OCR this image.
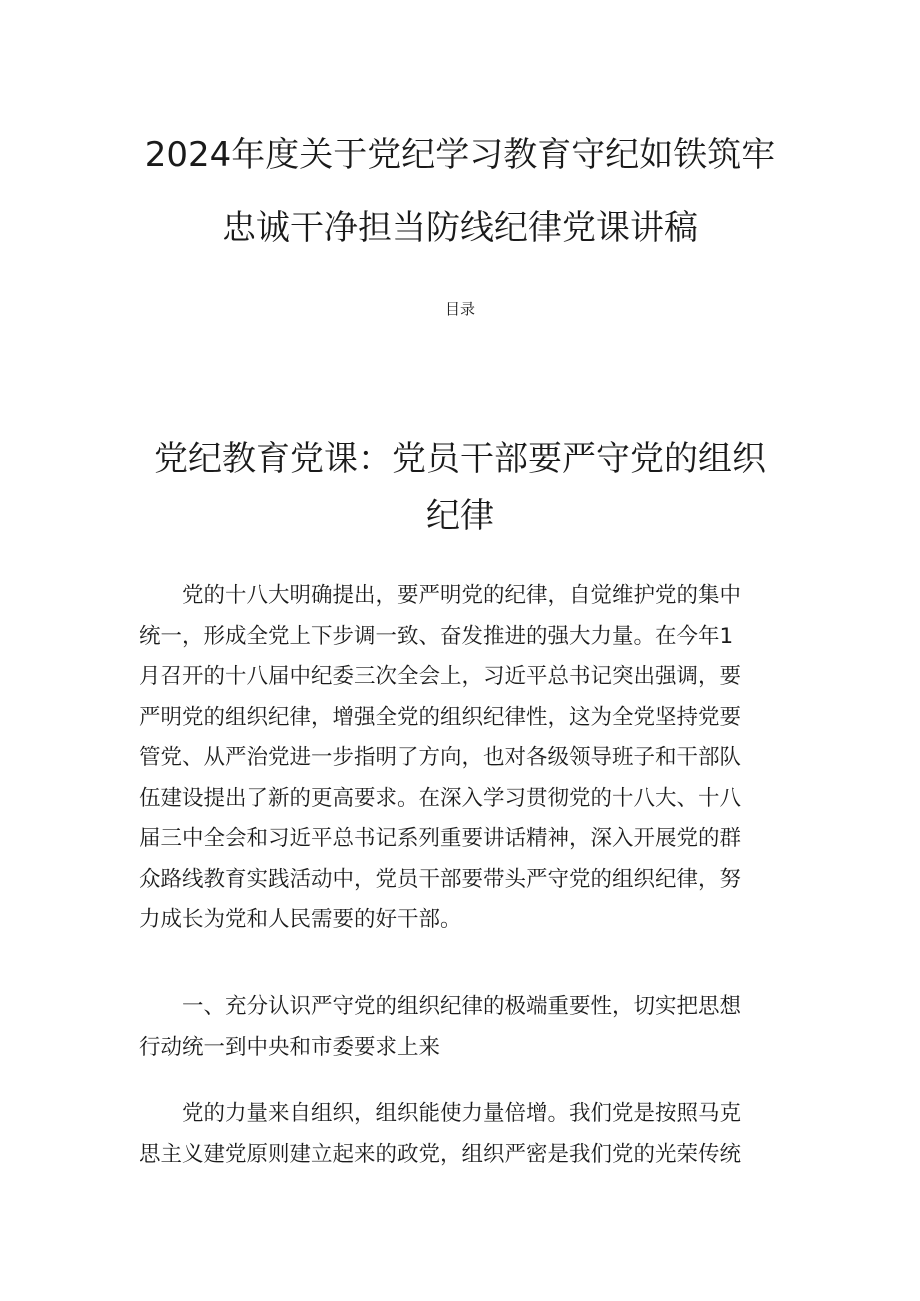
2024年度关于党纪学习教育守纪如铁筑牢
忠诚干净担当防线纪律党课讲稿
目录
党纪教育党课：党员干部要严守党的组织
纪律

党的十八大明确提出，要严明党的纪律，自觉维护党的集中
统一，形成全党上下步调一致、奋发推进的强大力量。在今年1
月召开的十八届中纪委三次全会上，习近平总书记突出强调，要
严明党的组织纪律，增强全党的组织纪律性，这为全党坚持党要
管党、从严治党进一步指明了方向，也对各级领导班子和干部队
伍建设提出了新的更高要求。在深入学习贯彻党的十八大、十八
届三中全会和习近平总书记系列重要讲话精神，深入开展党的群
众路线教育实践活动中，党员干部要带头严守党的组织纪律，努
力成长为党和人民需要的好干部。

一、充分认识严守党的组织纪律的极端重要性，切实把思想
行动统一到中央和市委要求上来

党的力量来自组织，组织能使力量倍增。我们党是按照马克
思主义建党原则建立起来的政党，组织严密是我们党的光荣传统
